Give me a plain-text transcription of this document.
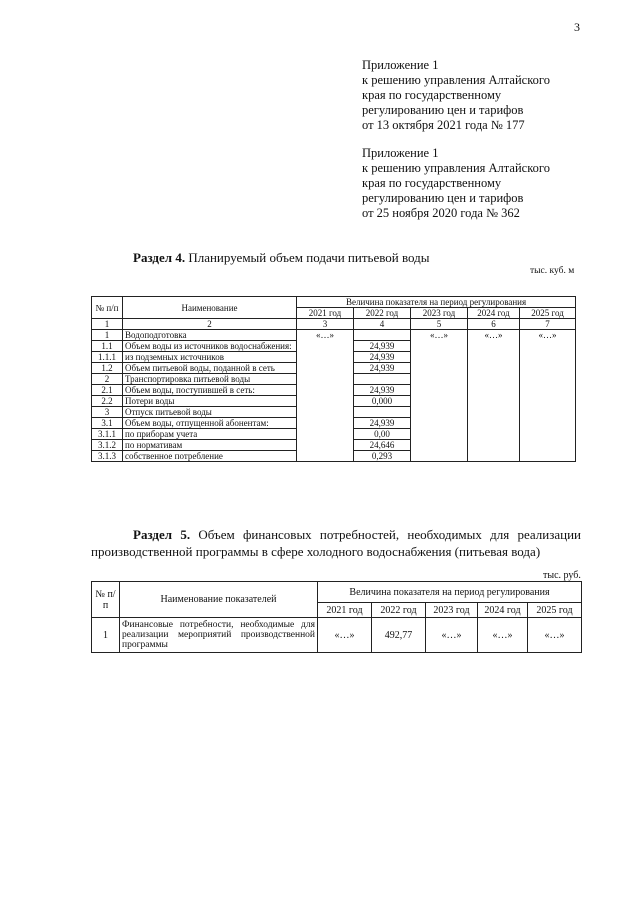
3
Приложение 1
к решению управления Алтайского
края по государственному
регулированию цен и тарифов
от 13 октября 2021 года № 177
Приложение 1
к решению управления Алтайского
края по государственному
регулированию цен и тарифов
от 25 ноября 2020 года № 362
Раздел 4. Планируемый объем подачи питьевой воды
тыс. куб. м
№ п/п	Наименование	Величина показателя на период регулирования				
		2021 год	2022 год	2023 год	2024 год	2025 год
1	2	3	4	5	6	7
1	Водоподготовка	«…»		«…»	«…»	«…»
1.1	Объем воды из источников водоснабжения:		24,939			
1.1.1	из подземных источников		24,939			
1.2	Объем питьевой воды, поданной в сеть		24,939			
2	Транспортировка питьевой воды					
2.1	Объем воды, поступившей в сеть:		24,939			
2.2	Потери воды		0,000			
3	Отпуск питьевой воды					
3.1	Объем воды, отпущенной абонентам:		24,939			
3.1.1	по приборам учета		0,00			
3.1.2	по нормативам		24,646			
3.1.3	собственное потребление		0,293			

Раздел 5. Объем финансовых потребностей, необходимых для реализации

производственной программы в сфере холодного водоснабжения (питьевая вода)

тыс. руб.
№ п/п	Наименование показателей	Величина показателя на период регулирования				
		2021 год	2022 год	2023 год	2024 год	2025 год
1	Финансовые потребности, необходимые для реализации мероприятий производственной программы	«…»	492,77	«…»	«…»	«…»
